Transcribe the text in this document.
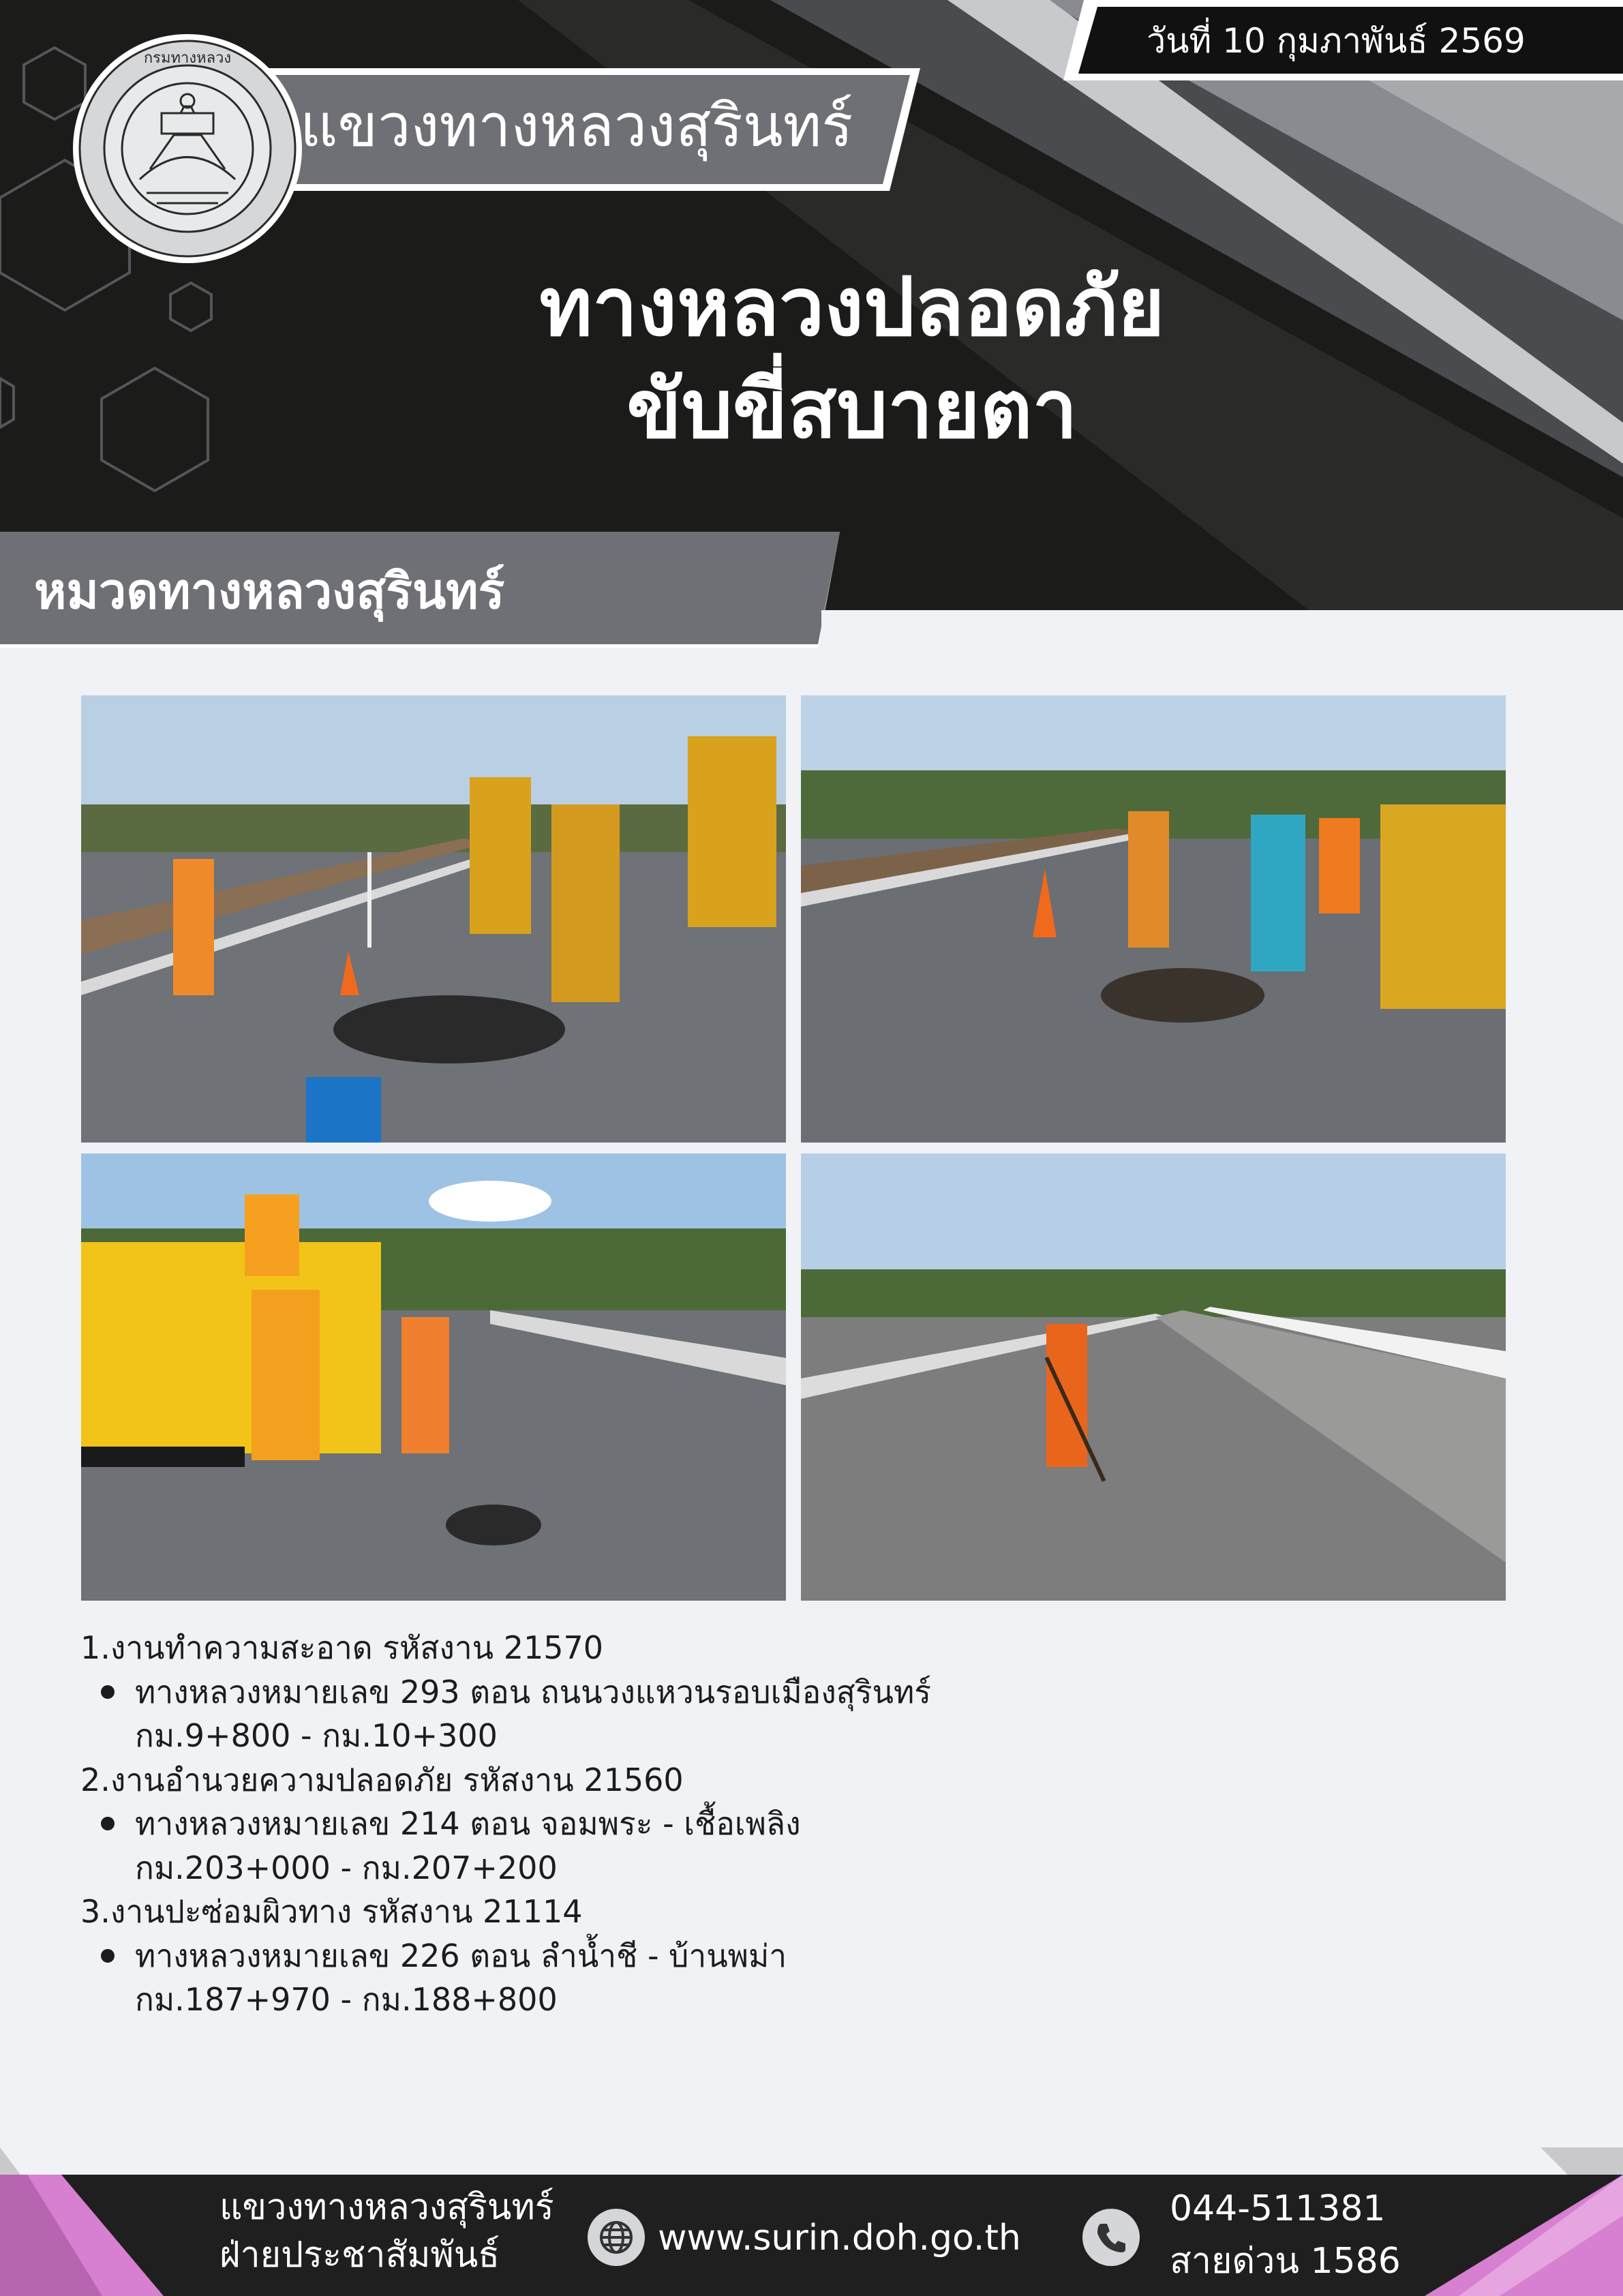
วันที่ 10 กุมภาพันธ์ 2569
แขวงทางหลวงสุรินทร์
กรมทางหลวง
ทางหลวงปลอดภัย
ขับขี่สบายตา
หมวดทางหลวงสุรินทร์
1.งานทำความสะอาด รหัสงาน 21570
ทางหลวงหมายเลข 293 ตอน ถนนวงแหวนรอบเมืองสุรินทร์
กม.9+800 - กม.10+300
2.งานอำนวยความปลอดภัย รหัสงาน 21560
ทางหลวงหมายเลข 214 ตอน จอมพระ - เชื้อเพลิง
กม.203+000 - กม.207+200
3.งานปะซ่อมผิวทาง รหัสงาน 21114
ทางหลวงหมายเลข 226 ตอน ลำน้ำชี - บ้านพม่า
กม.187+970 - กม.188+800
แขวงทางหลวงสุรินทร์
ฝ่ายประชาสัมพันธ์	www.surin.doh.go.th
044-511381
สายด่วน 1586
